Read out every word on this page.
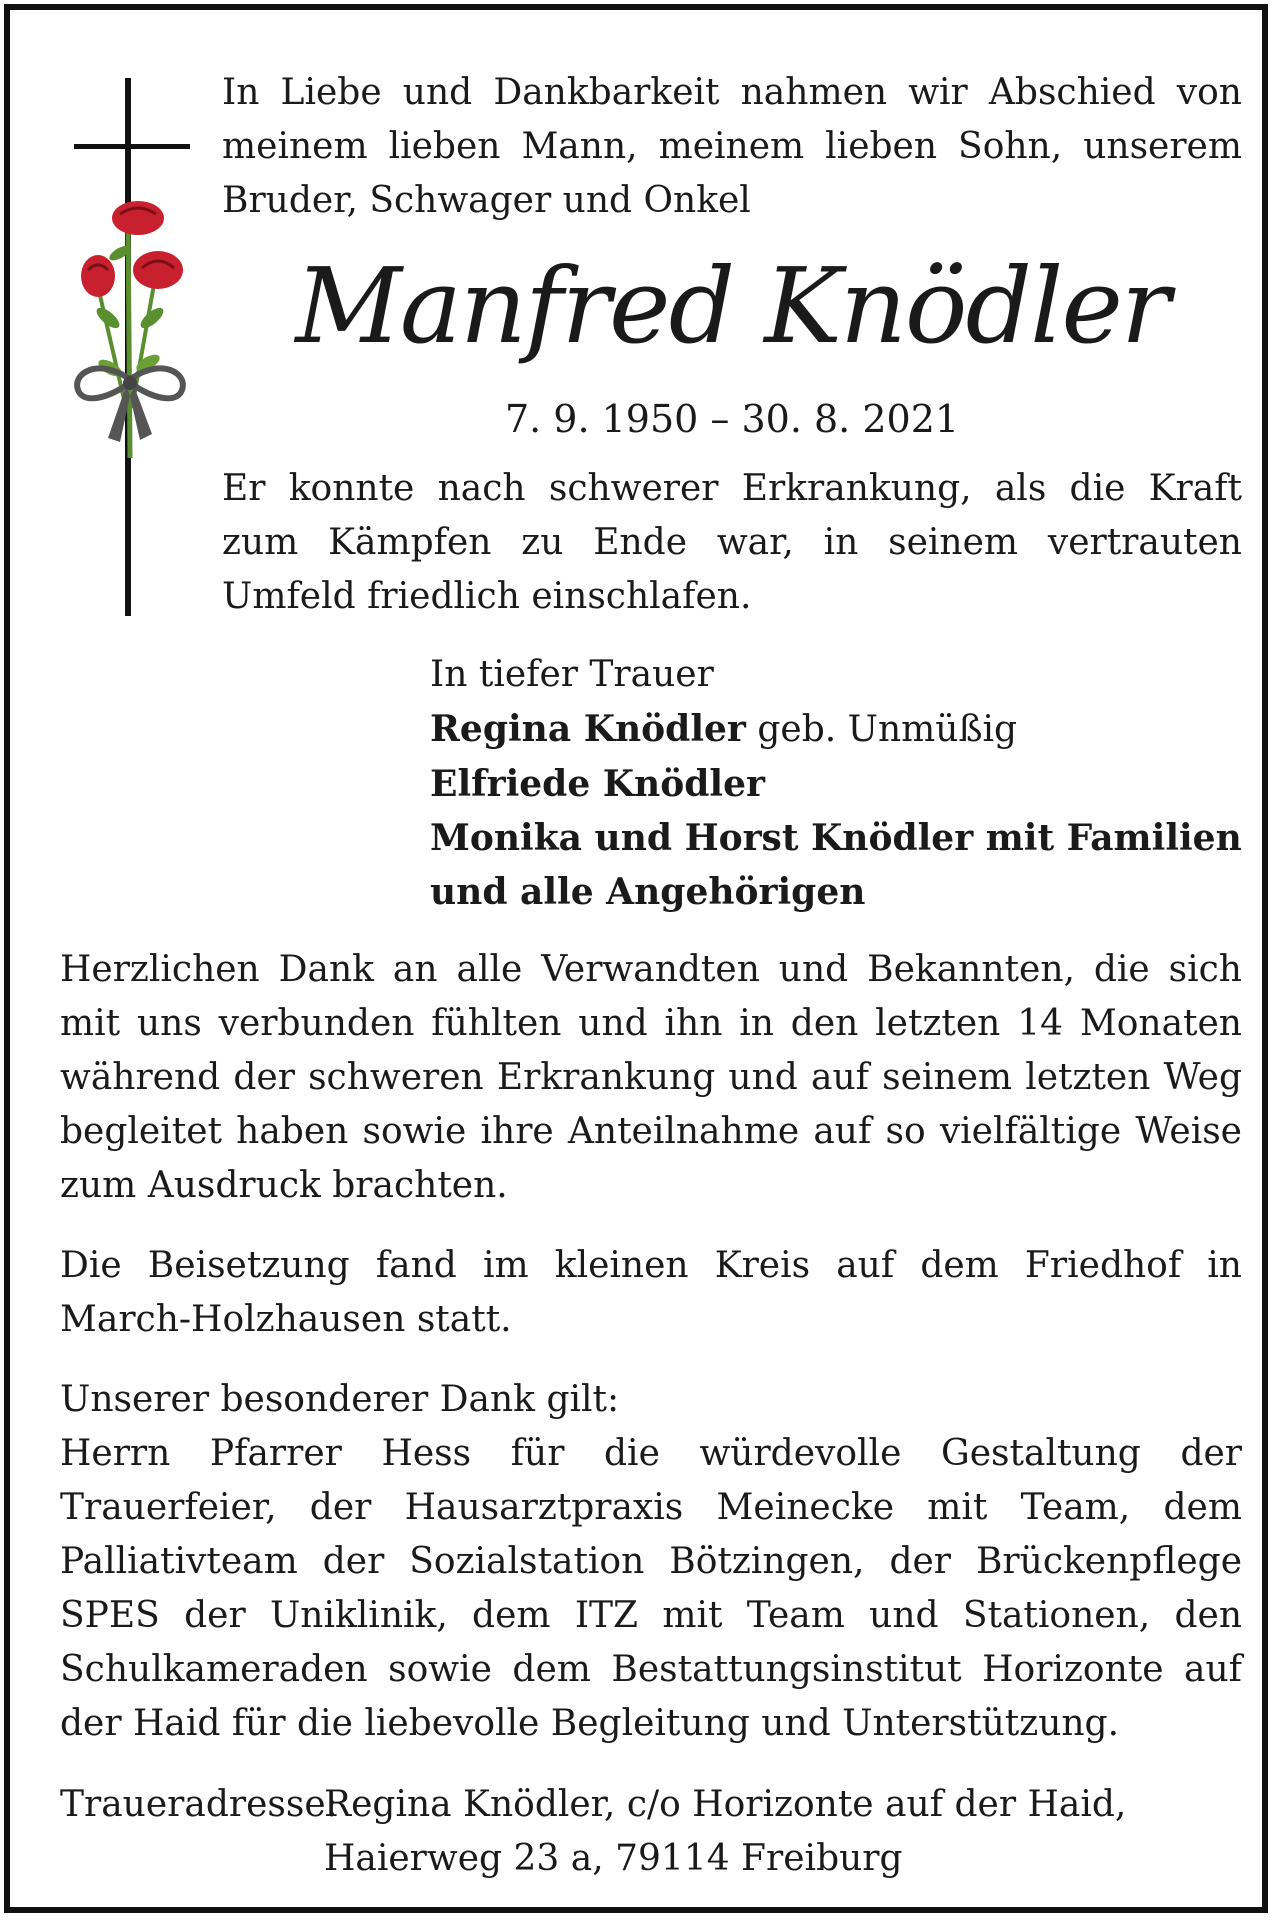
In Liebe und Dankbarkeit nahmen wir Abschied von meinem lieben Mann, meinem lieben Sohn, unserem Bruder, Schwager und Onkel

Manfred Knödler
7. 9. 1950 – 30. 8. 2021

Er konnte nach schwerer Erkrankung, als die Kraft zum Kämpfen zu Ende war, in seinem vertrauten Umfeld friedlich einschlafen.

In tiefer Trauer
Regina Knödler geb. Unmüßig
Elfriede Knödler
Monika und Horst Knödler mit Familien
und alle Angehörigen

Herzlichen Dank an alle Verwandten und Bekannten, die sich mit uns verbunden fühlten und ihn in den letzten 14 Monaten während der schweren Erkrankung und auf seinem letzten Weg begleitet haben sowie ihre Anteilnahme auf so vielfältige Weise zum Ausdruck brachten.

Die Beisetzung fand im kleinen Kreis auf dem Friedhof in March-Holzhausen statt.

Unserer besonderer Dank gilt:
Herrn Pfarrer Hess für die würdevolle Gestaltung der Trauerfeier, der Hausarztpraxis Meinecke mit Team, dem Palliativteam der Sozialstation Bötzingen, der Brückenpflege SPES der Uniklinik, dem ITZ mit Team und Stationen, den Schulkameraden sowie dem Bestattungsinstitut Horizonte auf der Haid für die liebevolle Begleitung und Unterstützung.
Traueradresse:Regina Knödler, c/o Horizonte auf der Haid,
Haierweg 23 a, 79114 Freiburg
